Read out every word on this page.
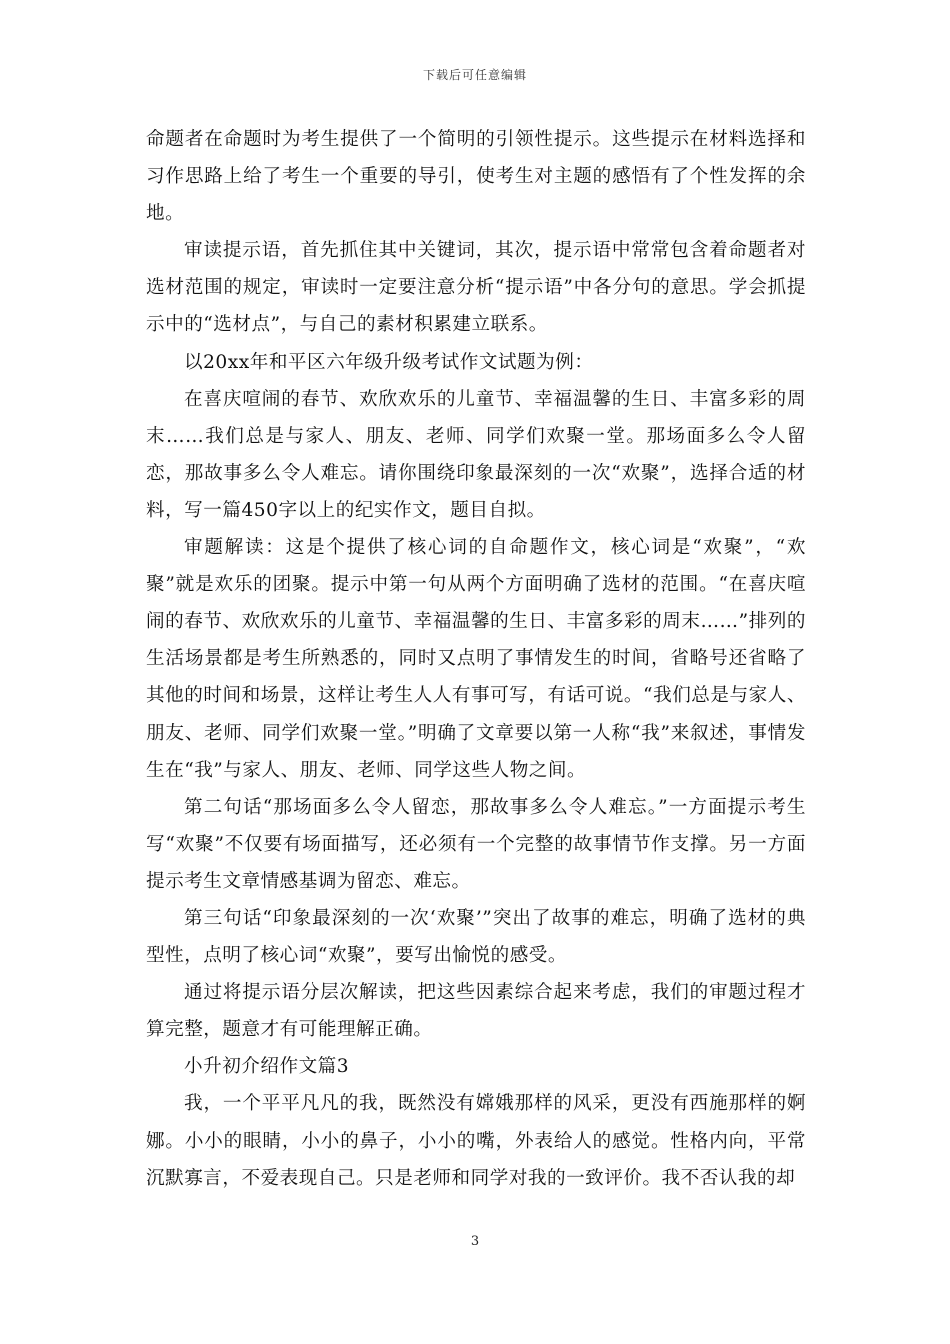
下载后可任意编辑

命题者在命题时为考生提供了一个简明的引领性提示。这些提示在材料选择和习作思路上给了考生一个重要的导引，使考生对主题的感悟有了个性发挥的余地。

审读提示语，首先抓住其中关键词，其次，提示语中常常包含着命题者对选材范围的规定，审读时一定要注意分析“提示语”中各分句的意思。学会抓提示中的“选材点”，与自己的素材积累建立联系。

以20xx年和平区六年级升级考试作文试题为例：

在喜庆喧闹的春节、欢欣欢乐的儿童节、幸福温馨的生日、丰富多彩的周末……我们总是与家人、朋友、老师、同学们欢聚一堂。那场面多么令人留恋，那故事多么令人难忘。请你围绕印象最深刻的一次“欢聚”，选择合适的材料，写一篇450字以上的纪实作文，题目自拟。

审题解读：这是个提供了核心词的自命题作文，核心词是“欢聚”，“欢聚”就是欢乐的团聚。提示中第一句从两个方面明确了选材的范围。“在喜庆喧闹的春节、欢欣欢乐的儿童节、幸福温馨的生日、丰富多彩的周末……”排列的生活场景都是考生所熟悉的，同时又点明了事情发生的时间，省略号还省略了其他的时间和场景，这样让考生人人有事可写，有话可说。“我们总是与家人、朋友、老师、同学们欢聚一堂。”明确了文章要以第一人称“我”来叙述，事情发生在“我”与家人、朋友、老师、同学这些人物之间。

第二句话“那场面多么令人留恋，那故事多么令人难忘。”一方面提示考生写“欢聚”不仅要有场面描写，还必须有一个完整的故事情节作支撑。另一方面提示考生文章情感基调为留恋、难忘。

第三句话“印象最深刻的一次‘欢聚’”突出了故事的难忘，明确了选材的典型性，点明了核心词“欢聚”，要写出愉悦的感受。

通过将提示语分层次解读，把这些因素综合起来考虑，我们的审题过程才算完整，题意才有可能理解正确。

小升初介绍作文篇3

我，一个平平凡凡的我，既然没有嫦娥那样的风采，更没有西施那样的婀娜。小小的眼睛，小小的鼻子，小小的嘴，外表给人的感觉。性格内向，平常沉默寡言，不爱表现自己。只是老师和同学对我的一致评价。我不否认我的却

3
